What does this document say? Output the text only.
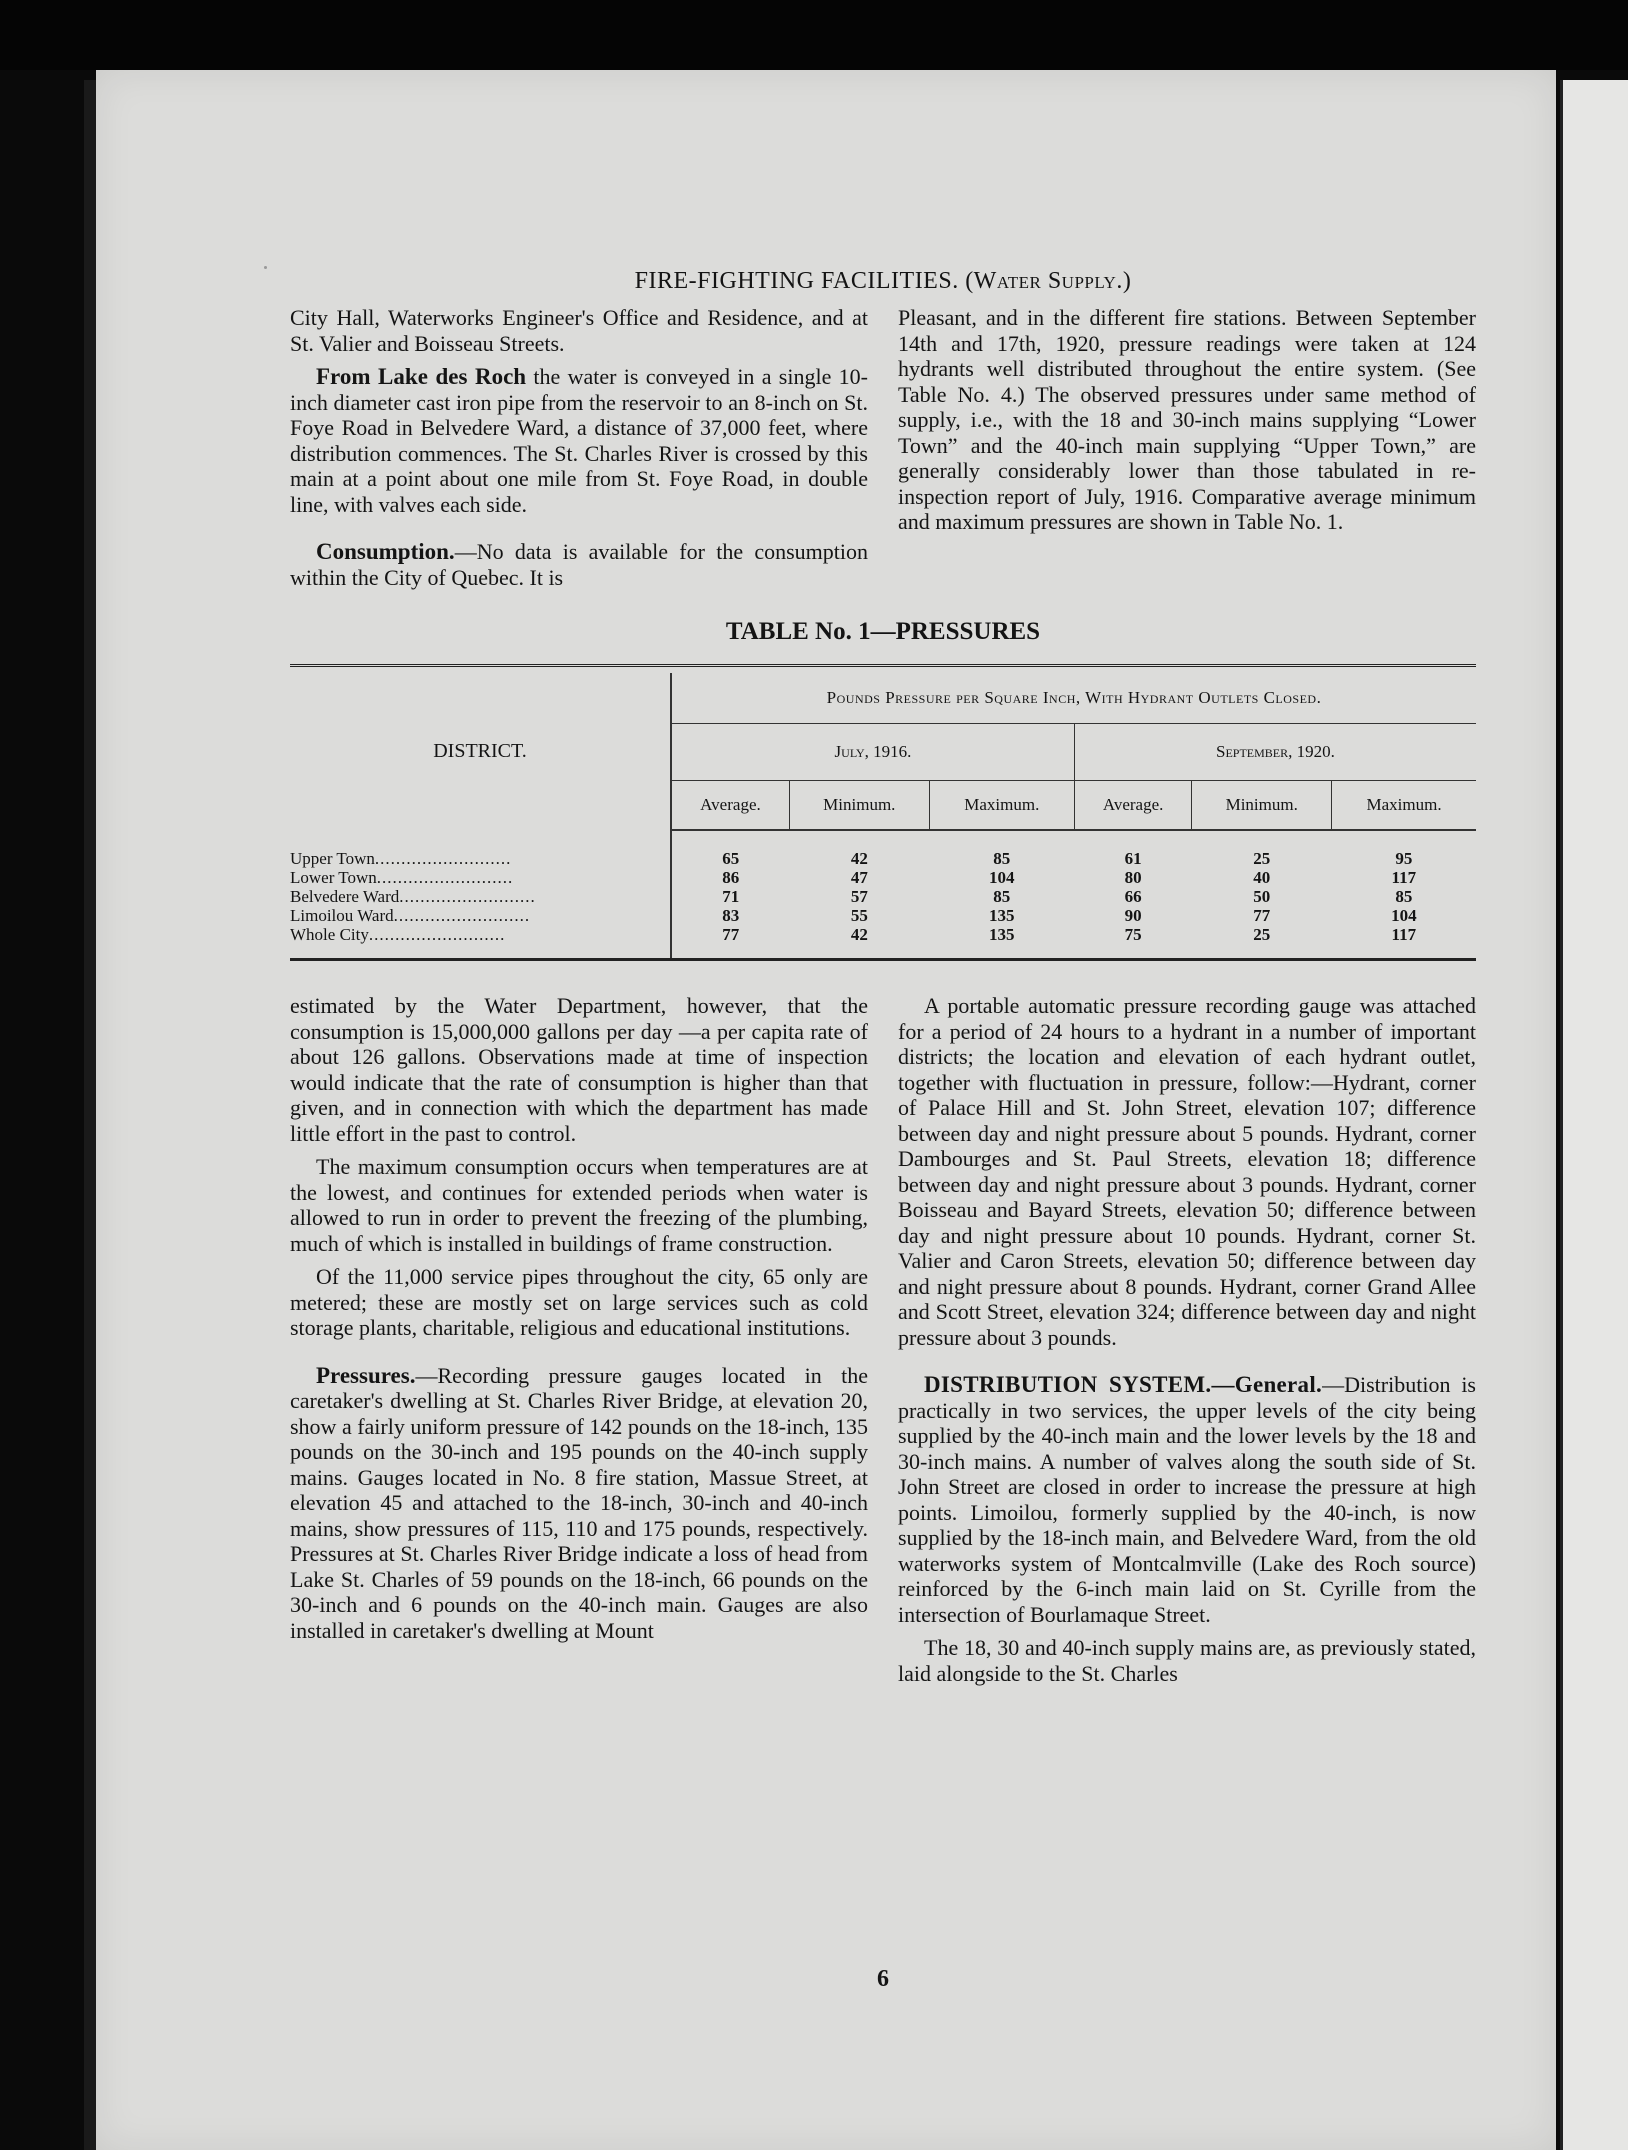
FIRE-FIGHTING FACILITIES. (Water Supply.)

City Hall, Waterworks Engineer's Office and Residence, and at St. Valier and Boisseau Streets.

From Lake des Roch the water is conveyed in a single 10-inch diameter cast iron pipe from the reservoir to an 8-inch on St. Foye Road in Belvedere Ward, a distance of 37,000 feet, where distribution commences. The St. Charles River is crossed by this main at a point about one mile from St. Foye Road, in double line, with valves each side.

Consumption.—No data is available for the consumption within the City of Quebec. It is

Pleasant, and in the different fire stations. Between September 14th and 17th, 1920, pressure readings were taken at 124 hydrants well distributed throughout the entire system. (See Table No. 4.) The observed pressures under same method of supply, i.e., with the 18 and 30-inch mains supplying “Lower Town” and the 40-inch main supplying “Upper Town,” are generally considerably lower than those tabulated in re-inspection report of July, 1916. Comparative average minimum and maximum pressures are shown in Table No. 1.

TABLE No. 1—PRESSURES

DISTRICT.	Pounds Pressure per Square Inch, With Hydrant Outlets Closed.					
	July, 1916.			September, 1920.		
	Average.	Minimum.	Maximum.	Average.	Minimum.	Maximum.
Upper Town..........................	65	42	85	61	25	95
Lower Town..........................	86	47	104	80	40	117
Belvedere Ward..........................	71	57	85	66	50	85
Limoilou Ward..........................	83	55	135	90	77	104
Whole City..........................	77	42	135	75	25	117

estimated by the Water Department, however, that the consumption is 15,000,000 gallons per day —a per capita rate of about 126 gallons. Observations made at time of inspection would indicate that the rate of consumption is higher than that given, and in connection with which the department has made little effort in the past to control.

The maximum consumption occurs when temperatures are at the lowest, and continues for extended periods when water is allowed to run in order to prevent the freezing of the plumbing, much of which is installed in buildings of frame construction.

Of the 11,000 service pipes throughout the city, 65 only are metered; these are mostly set on large services such as cold storage plants, charitable, religious and educational institutions.

Pressures.—Recording pressure gauges located in the caretaker's dwelling at St. Charles River Bridge, at elevation 20, show a fairly uniform pressure of 142 pounds on the 18-inch, 135 pounds on the 30-inch and 195 pounds on the 40-inch supply mains. Gauges located in No. 8 fire station, Massue Street, at elevation 45 and attached to the 18-inch, 30-inch and 40-inch mains, show pressures of 115, 110 and 175 pounds, respectively. Pressures at St. Charles River Bridge indicate a loss of head from Lake St. Charles of 59 pounds on the 18-inch, 66 pounds on the 30-inch and 6 pounds on the 40-inch main. Gauges are also installed in caretaker's dwelling at Mount

A portable automatic pressure recording gauge was attached for a period of 24 hours to a hydrant in a number of important districts; the location and elevation of each hydrant outlet, together with fluctuation in pressure, follow:—Hydrant, corner of Palace Hill and St. John Street, elevation 107; difference between day and night pressure about 5 pounds. Hydrant, corner Dambourges and St. Paul Streets, elevation 18; difference between day and night pressure about 3 pounds. Hydrant, corner Boisseau and Bayard Streets, elevation 50; difference between day and night pressure about 10 pounds. Hydrant, corner St. Valier and Caron Streets, elevation 50; difference between day and night pressure about 8 pounds. Hydrant, corner Grand Allee and Scott Street, elevation 324; difference between day and night pressure about 3 pounds.

DISTRIBUTION SYSTEM.—General.—Distribution is practically in two services, the upper levels of the city being supplied by the 40-inch main and the lower levels by the 18 and 30-inch mains. A number of valves along the south side of St. John Street are closed in order to increase the pressure at high points. Limoilou, formerly supplied by the 40-inch, is now supplied by the 18-inch main, and Belvedere Ward, from the old waterworks system of Montcalmville (Lake des Roch source) reinforced by the 6-inch main laid on St. Cyrille from the intersection of Bourlamaque Street.

The 18, 30 and 40-inch supply mains are, as previously stated, laid alongside to the St. Charles

6
